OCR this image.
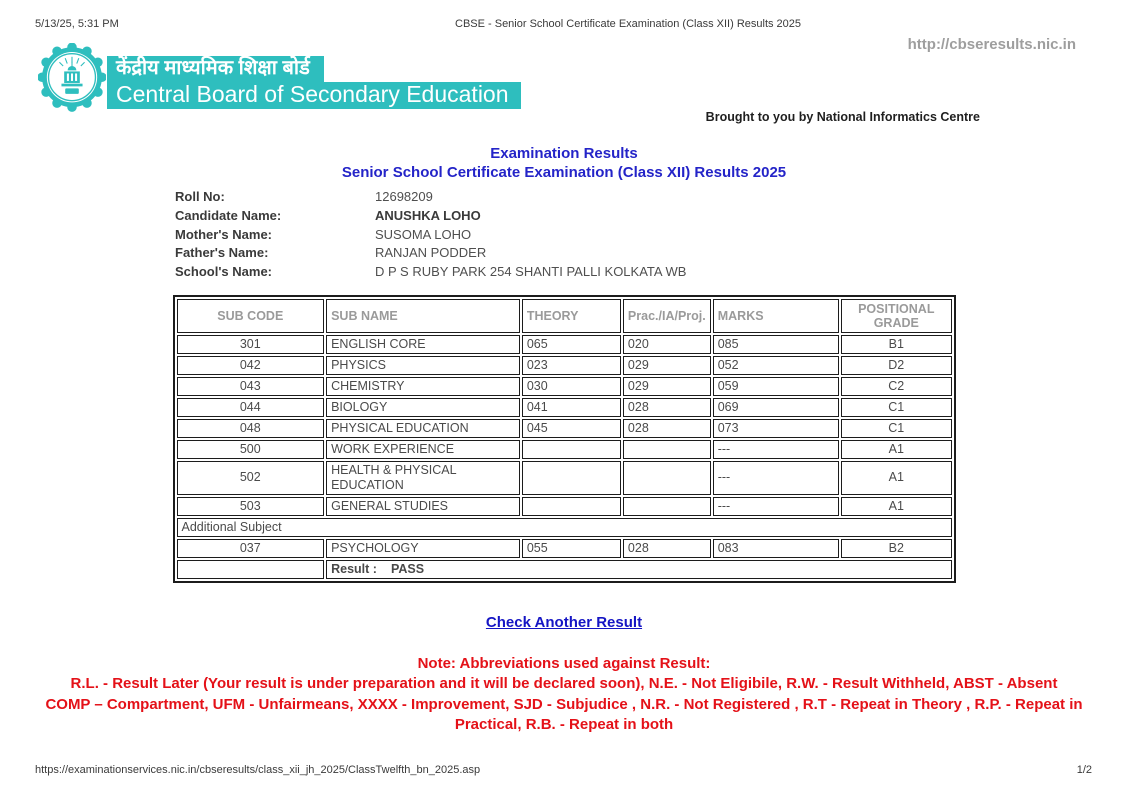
5/13/25, 5:31 PM	CBSE - Senior School Certificate Examination (Class XII) Results 2025
केंद्रीय माध्यमिक शिक्षा बोर्ड
Central Board of Secondary Education
http://cbseresults.nic.in
Brought to you by National Informatics Centre
Examination Results
Senior School Certificate Examination (Class XII) Results 2025
Roll No:	12698209
Candidate Name:	ANUSHKA LOHO
Mother's Name:	SUSOMA LOHO
Father's Name:	RANJAN PODDER
School's Name:	D P S RUBY PARK 254 SHANTI PALLI KOLKATA WB
SUB CODE	SUB NAME	THEORY	Prac./IA/Proj.	MARKS	POSITIONAL GRADE
301	ENGLISH CORE	065	020	085	B1
042	PHYSICS	023	029	052	D2
043	CHEMISTRY	030	029	059	C2
044	BIOLOGY	041	028	069	C1
048	PHYSICAL EDUCATION	045	028	073	C1
500	WORK EXPERIENCE			---	A1
502	HEALTH & PHYSICAL EDUCATION			---	A1
503	GENERAL STUDIES			---	A1
Additional Subject					
037	PSYCHOLOGY	055	028	083	B2
	Result : PASS				
Check Another Result

Note: Abbreviations used against Result:

R.L. - Result Later (Your result is under preparation and it will be declared soon), N.E. - Not Eligibile, R.W. - Result Withheld, ABST - Absent

COMP – Compartment, UFM - Unfairmeans, XXXX - Improvement, SJD - Subjudice , N.R. - Not Registered , R.T - Repeat in Theory , R.P. - Repeat in Practical, R.B. - Repeat in both

https://examinationservices.nic.in/cbseresults/class_xii_jh_2025/ClassTwelfth_bn_2025.asp	1/2
